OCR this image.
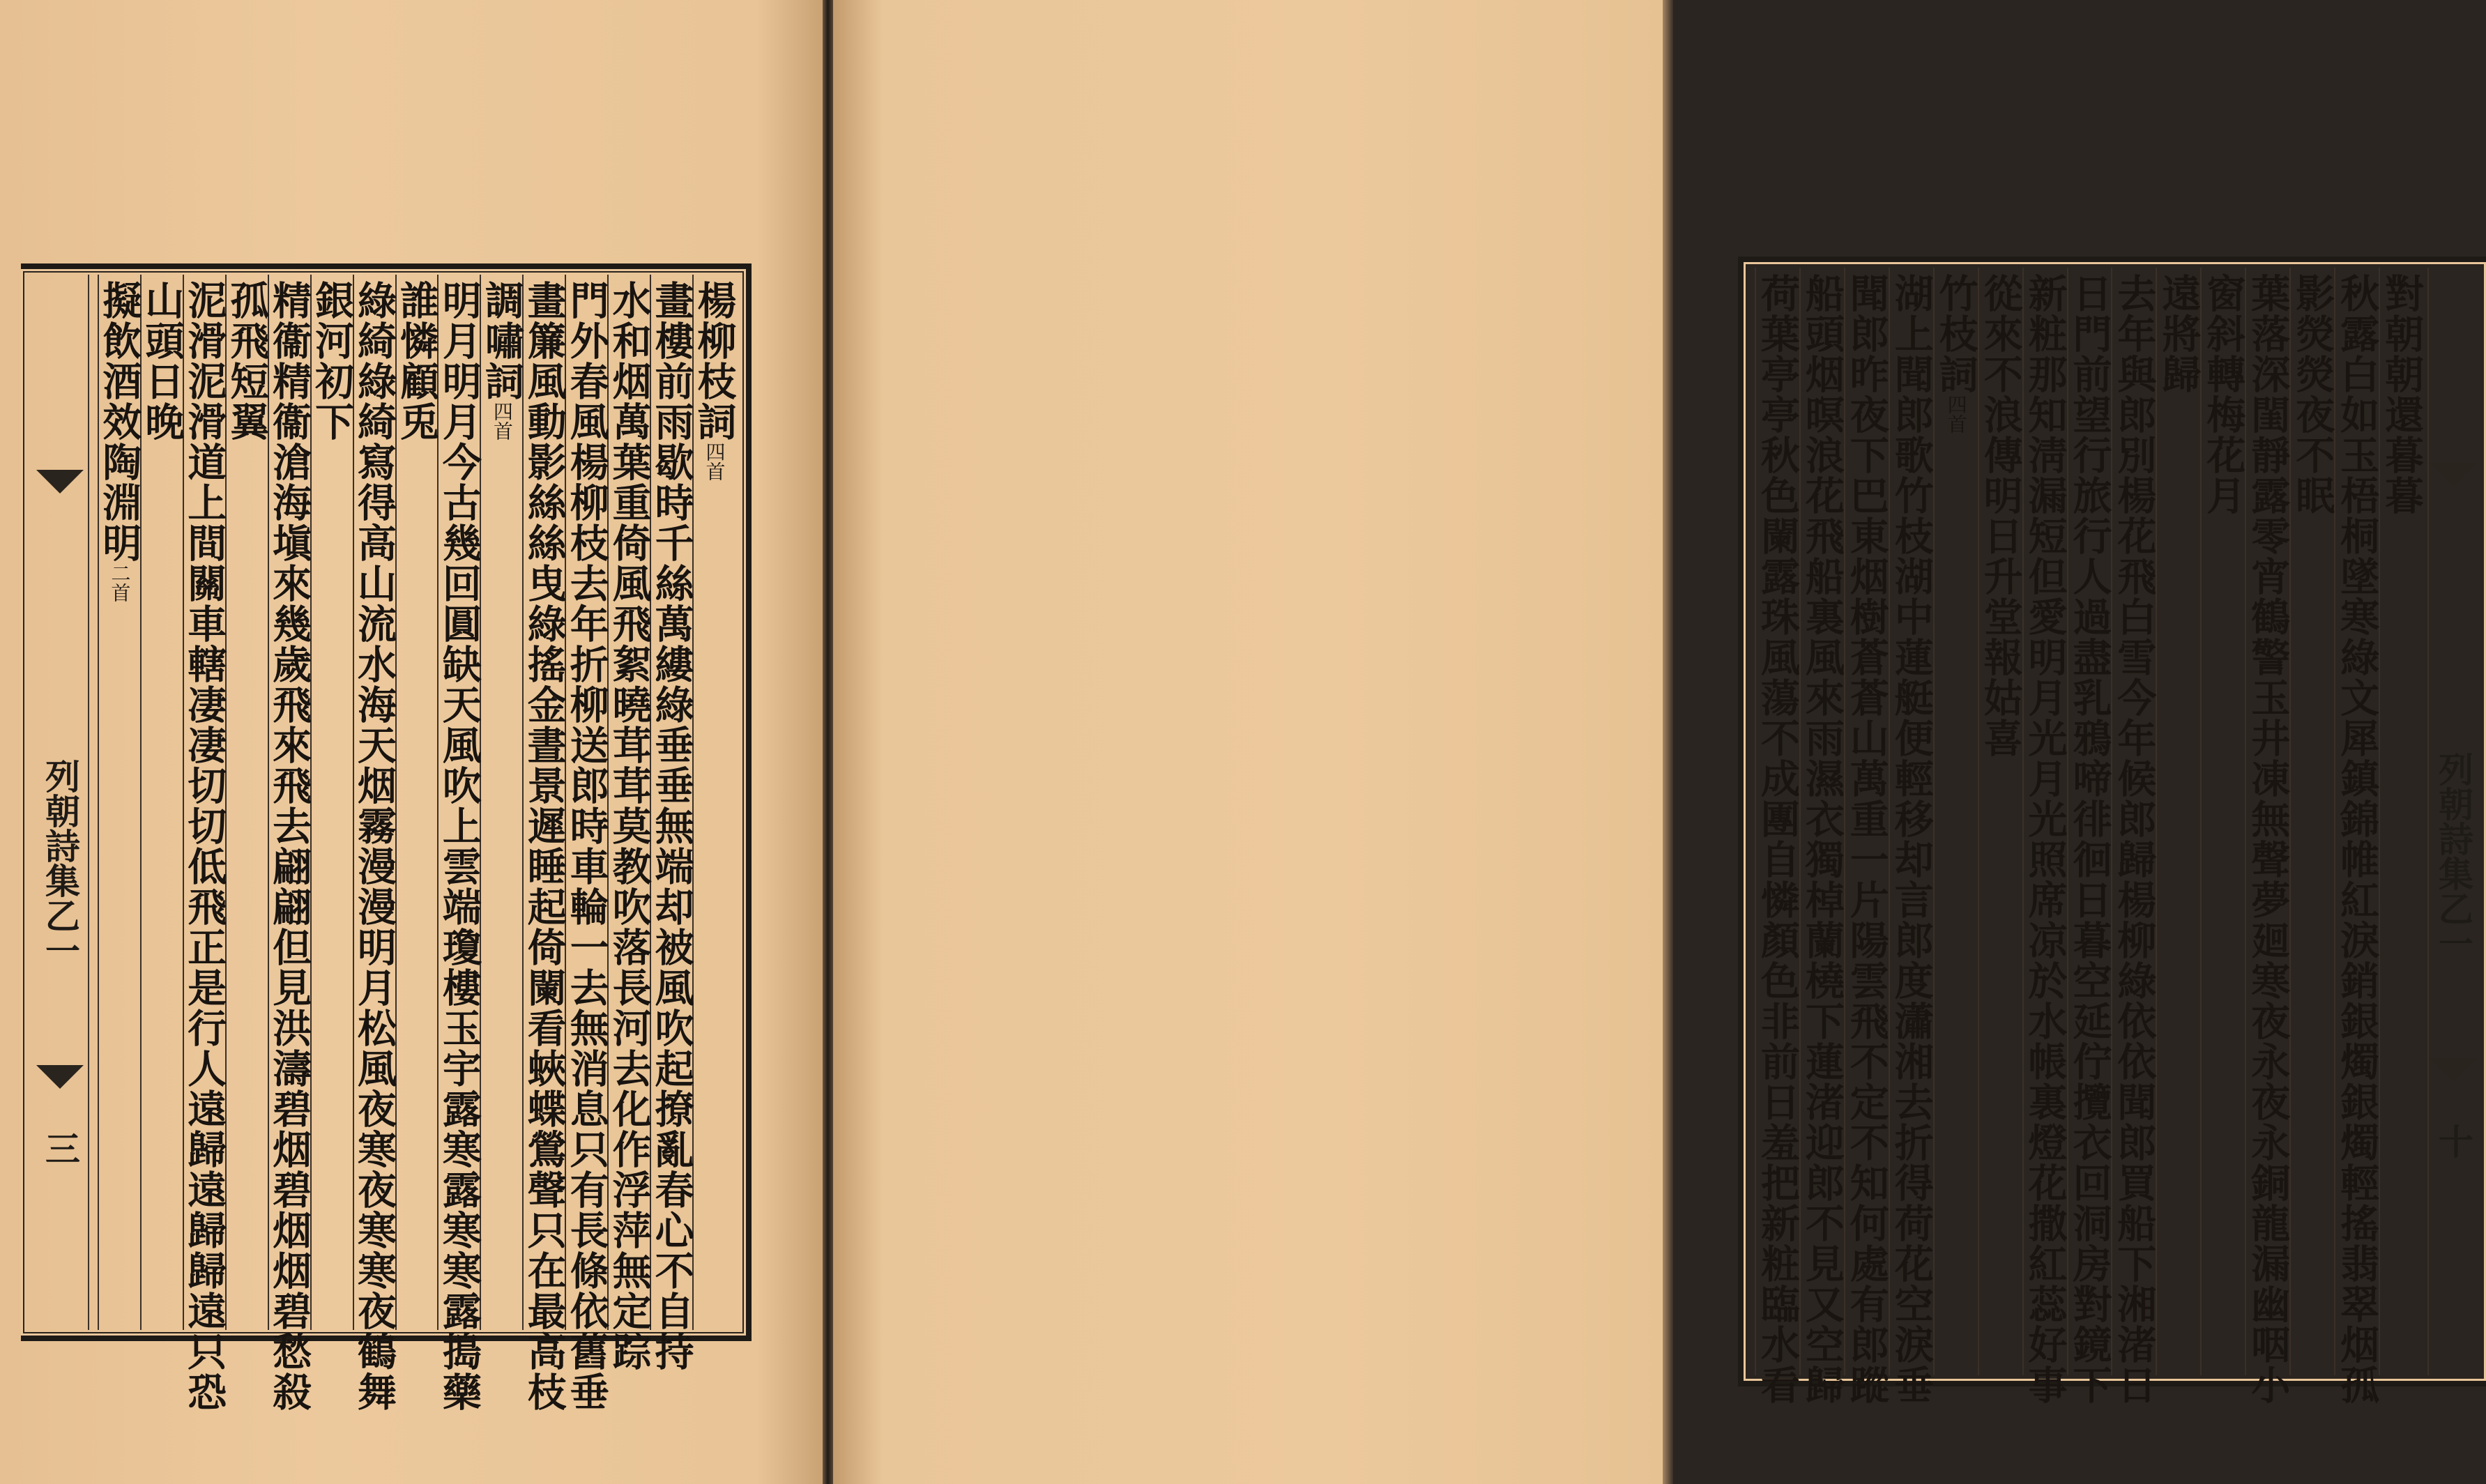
列朝詩集乙一
三
楊柳枝詞四首
畫樓前雨歇時千絲萬縷綠垂垂無端却被風吹起撩亂春心不自持
水和烟萬葉重倚風飛絮曉茸茸莫教吹落長河去化作浮萍無定踪
門外春風楊柳枝去年折柳送郎時車輪一去無消息只有長條依舊垂
畫簾風動影絲絲曳綠搖金晝景遲睡起倚闌看蛺蝶鶯聲只在最高枝
調嘯詞四首
明月明月今古幾回圓缺天風吹上雲端瓊樓玉宇露寒露寒寒露搗藥
誰憐顧兎
綠綺綠綺寫得高山流水海天烟霧漫漫明月松風夜寒夜寒寒夜鶴舞
銀河初下
精衞精衞滄海塡來幾歲飛來飛去翩翩但見洪濤碧烟碧烟烟碧愁殺
孤飛短翼
泥滑泥滑道上間關車轄凄凄切切低飛正是行人遠歸遠歸歸遠只恐
山頭日晚
擬飲酒效陶淵明二首
對朝朝還暮暮
秋露白如玉梧桐墜寒綠文犀鎮錦帷紅淚銷銀燭銀燭輕搖翡翠烟孤
影熒熒夜不眠
葉落深閨靜露零宵鶴警玉井凍無聲夢廻寒夜永夜永銅龍漏幽咽小
窗斜轉梅花月
遠將歸
去年與郎別楊花飛白雪今年候郎歸楊柳綠依依聞郎買船下湘渚日
日門前望行旅行人過盡乳鴉啼徘徊日暮空延佇攬衣回洞房對鏡下
新粧那知淸漏短但愛明月光月光照席凉於水帳裏燈花撒紅蕊好事
從來不浪傳明日升堂報姑喜
竹枝詞四首
湖上聞郎歌竹枝湖中蓮艇便輕移却言郎度瀟湘去折得荷花空淚垂
聞郎昨夜下巴東烟樹蒼蒼山萬重一片陽雲飛不定不知何處有郎蹤
船頭烟暝浪花飛船裏風來雨濕衣獨棹蘭橈下蓮渚迎郎不見又空歸
荷葉亭亭秋色闌露珠風蕩不成團自憐顏色非前日羞把新粧臨水看	列朝詩集乙一
十
